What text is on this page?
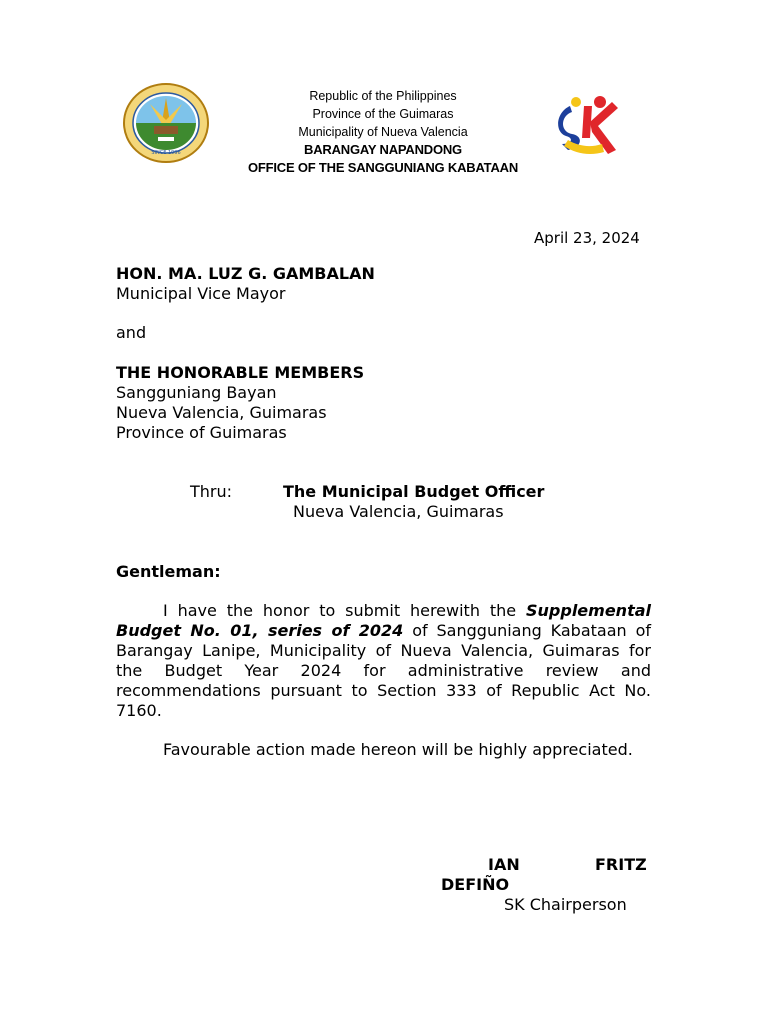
SINCE 1996
Republic of the Philippines
Province of the Guimaras
Municipality of Nueva Valencia
BARANGAY NAPANDONG
OFFICE OF THE SANGGUNIANG KABATAAN
April 23, 2024
HON. MA. LUZ G. GAMBALAN
Municipal Vice Mayor
and
THE HONORABLE MEMBERS
Sangguniang Bayan
Nueva Valencia, Guimaras
Province of Guimaras
Thru:	The Municipal Budget Officer
Nueva Valencia, Guimaras
Gentleman:
I have the honor to submit herewith the Supplemental Budget No. 01, series of 2024 of Sangguniang Kabataan of Barangay Lanipe, Municipality of Nueva Valencia, Guimaras for the Budget Year 2024 for administrative review and recommendations pursuant to Section 333 of Republic Act No. 7160.
Favourable action made hereon will be highly appreciated.
IAN	FRITZ
DEFIÑO
SK Chairperson
